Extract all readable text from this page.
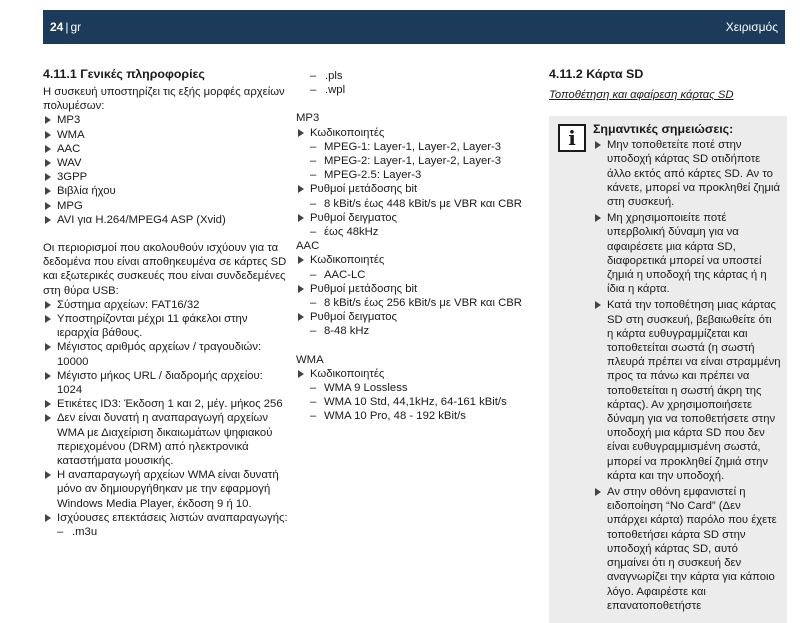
24 | gr	Χειρισμός
4.11.1 Γενικές πληροφορίες

Η συσκευή υποστηρίζει τις εξής μορφές αρχείων πολυμέσων:

MP3
WMA
AAC
WAV
3GPP
Βιβλία ήχου
MPG
AVI για H.264/MPEG4 ASP (Xvid)

Οι περιορισμοί που ακολουθούν ισχύουν για τα δεδομένα που είναι αποθηκευμένα σε κάρτες SD και εξωτερικές συσκευές που είναι συνδεδεμένες στη θύρα USB:

Σύστημα αρχείων: FAT16/32
Υποστηρίζονται μέχρι 11 φάκελοι στην ιεραρχία βάθους.
Μέγιστος αριθμός αρχείων / τραγουδιών: 10000
Μέγιστο μήκος URL / διαδρομής αρχείου: 1024
Ετικέτες ID3: Έκδοση 1 και 2, μέγ. μήκος 256
Δεν είναι δυνατή η αναπαραγωγή αρχείων WMA με Διαχείριση δικαιωμάτων ψηφιακού περιεχομένου (DRM) από ηλεκτρονικά καταστήματα μουσικής.
Η αναπαραγωγή αρχείων WMA είναι δυνατή μόνο αν δημιουργήθηκαν με την εφαρμογή Windows Media Player, έκδοση 9 ή 10.
Ισχύουσες επεκτάσεις λιστών αναπαραγωγής:
– .m3u
– .pls
– .wpl

MP3

Κωδικοποιητές
– MPEG-1: Layer-1, Layer-2, Layer-3
– MPEG-2: Layer-1, Layer-2, Layer-3
– MPEG-2.5: Layer-3
Ρυθμοί μετάδοσης bit
– 8 kBit/s έως 448 kBit/s με VBR και CBR
Ρυθμοί δειγματος
– έως 48kHz

AAC

Κωδικοποιητές
– AAC-LC
Ρυθμοί μετάδοσης bit
– 8 kBit/s έως 256 kBit/s με VBR και CBR
Ρυθμοί δειγματος
– 8-48 kHz

WMA

Κωδικοποιητές
– WMA 9 Lossless
– WMA 10 Std, 44,1kHz, 64-161 kBit/s
– WMA 10 Pro, 48 - 192 kBit/s
4.11.2 Κάρτα SD
Τοποθέτηση και αφαίρεση κάρτας SD
i	Σημαντικές σημειώσεις:
Μην τοποθετείτε ποτέ στην υποδοχή κάρτας SD οτιδήποτε άλλο εκτός από κάρτες SD. Αν το κάνετε, μπορεί να προκληθεί ζημιά στη συσκευή.
Μη χρησιμοποιείτε ποτέ υπερβολική δύναμη για να αφαιρέσετε μια κάρτα SD, διαφορετικά μπορεί να υποστεί ζημιά η υποδοχή της κάρτας ή η ίδια η κάρτα.
Κατά την τοποθέτηση μιας κάρτας SD στη συσκευή, βεβαιωθείτε ότι η κάρτα ευθυγραμμίζεται και τοποθετείται σωστά (η σωστή πλευρά πρέπει να είναι στραμμένη προς τα πάνω και πρέπει να τοποθετείται η σωστή άκρη της κάρτας). Αν χρησιμοποιήσετε δύναμη για να τοποθετήσετε στην υποδοχή μια κάρτα SD που δεν είναι ευθυγραμμισμένη σωστά, μπορεί να προκληθεί ζημιά στην κάρτα και την υποδοχή.
Αν στην οθόνη εμφανιστεί η ειδοποίηση “No Card” (Δεν υπάρχει κάρτα) παρόλο που έχετε τοποθετήσει κάρτα SD στην υποδοχή κάρτας SD, αυτό σημαίνει ότι η συσκευή δεν αναγνωρίζει την κάρτα για κάποιο λόγο. Αφαιρέστε και επανατοποθετήστε
